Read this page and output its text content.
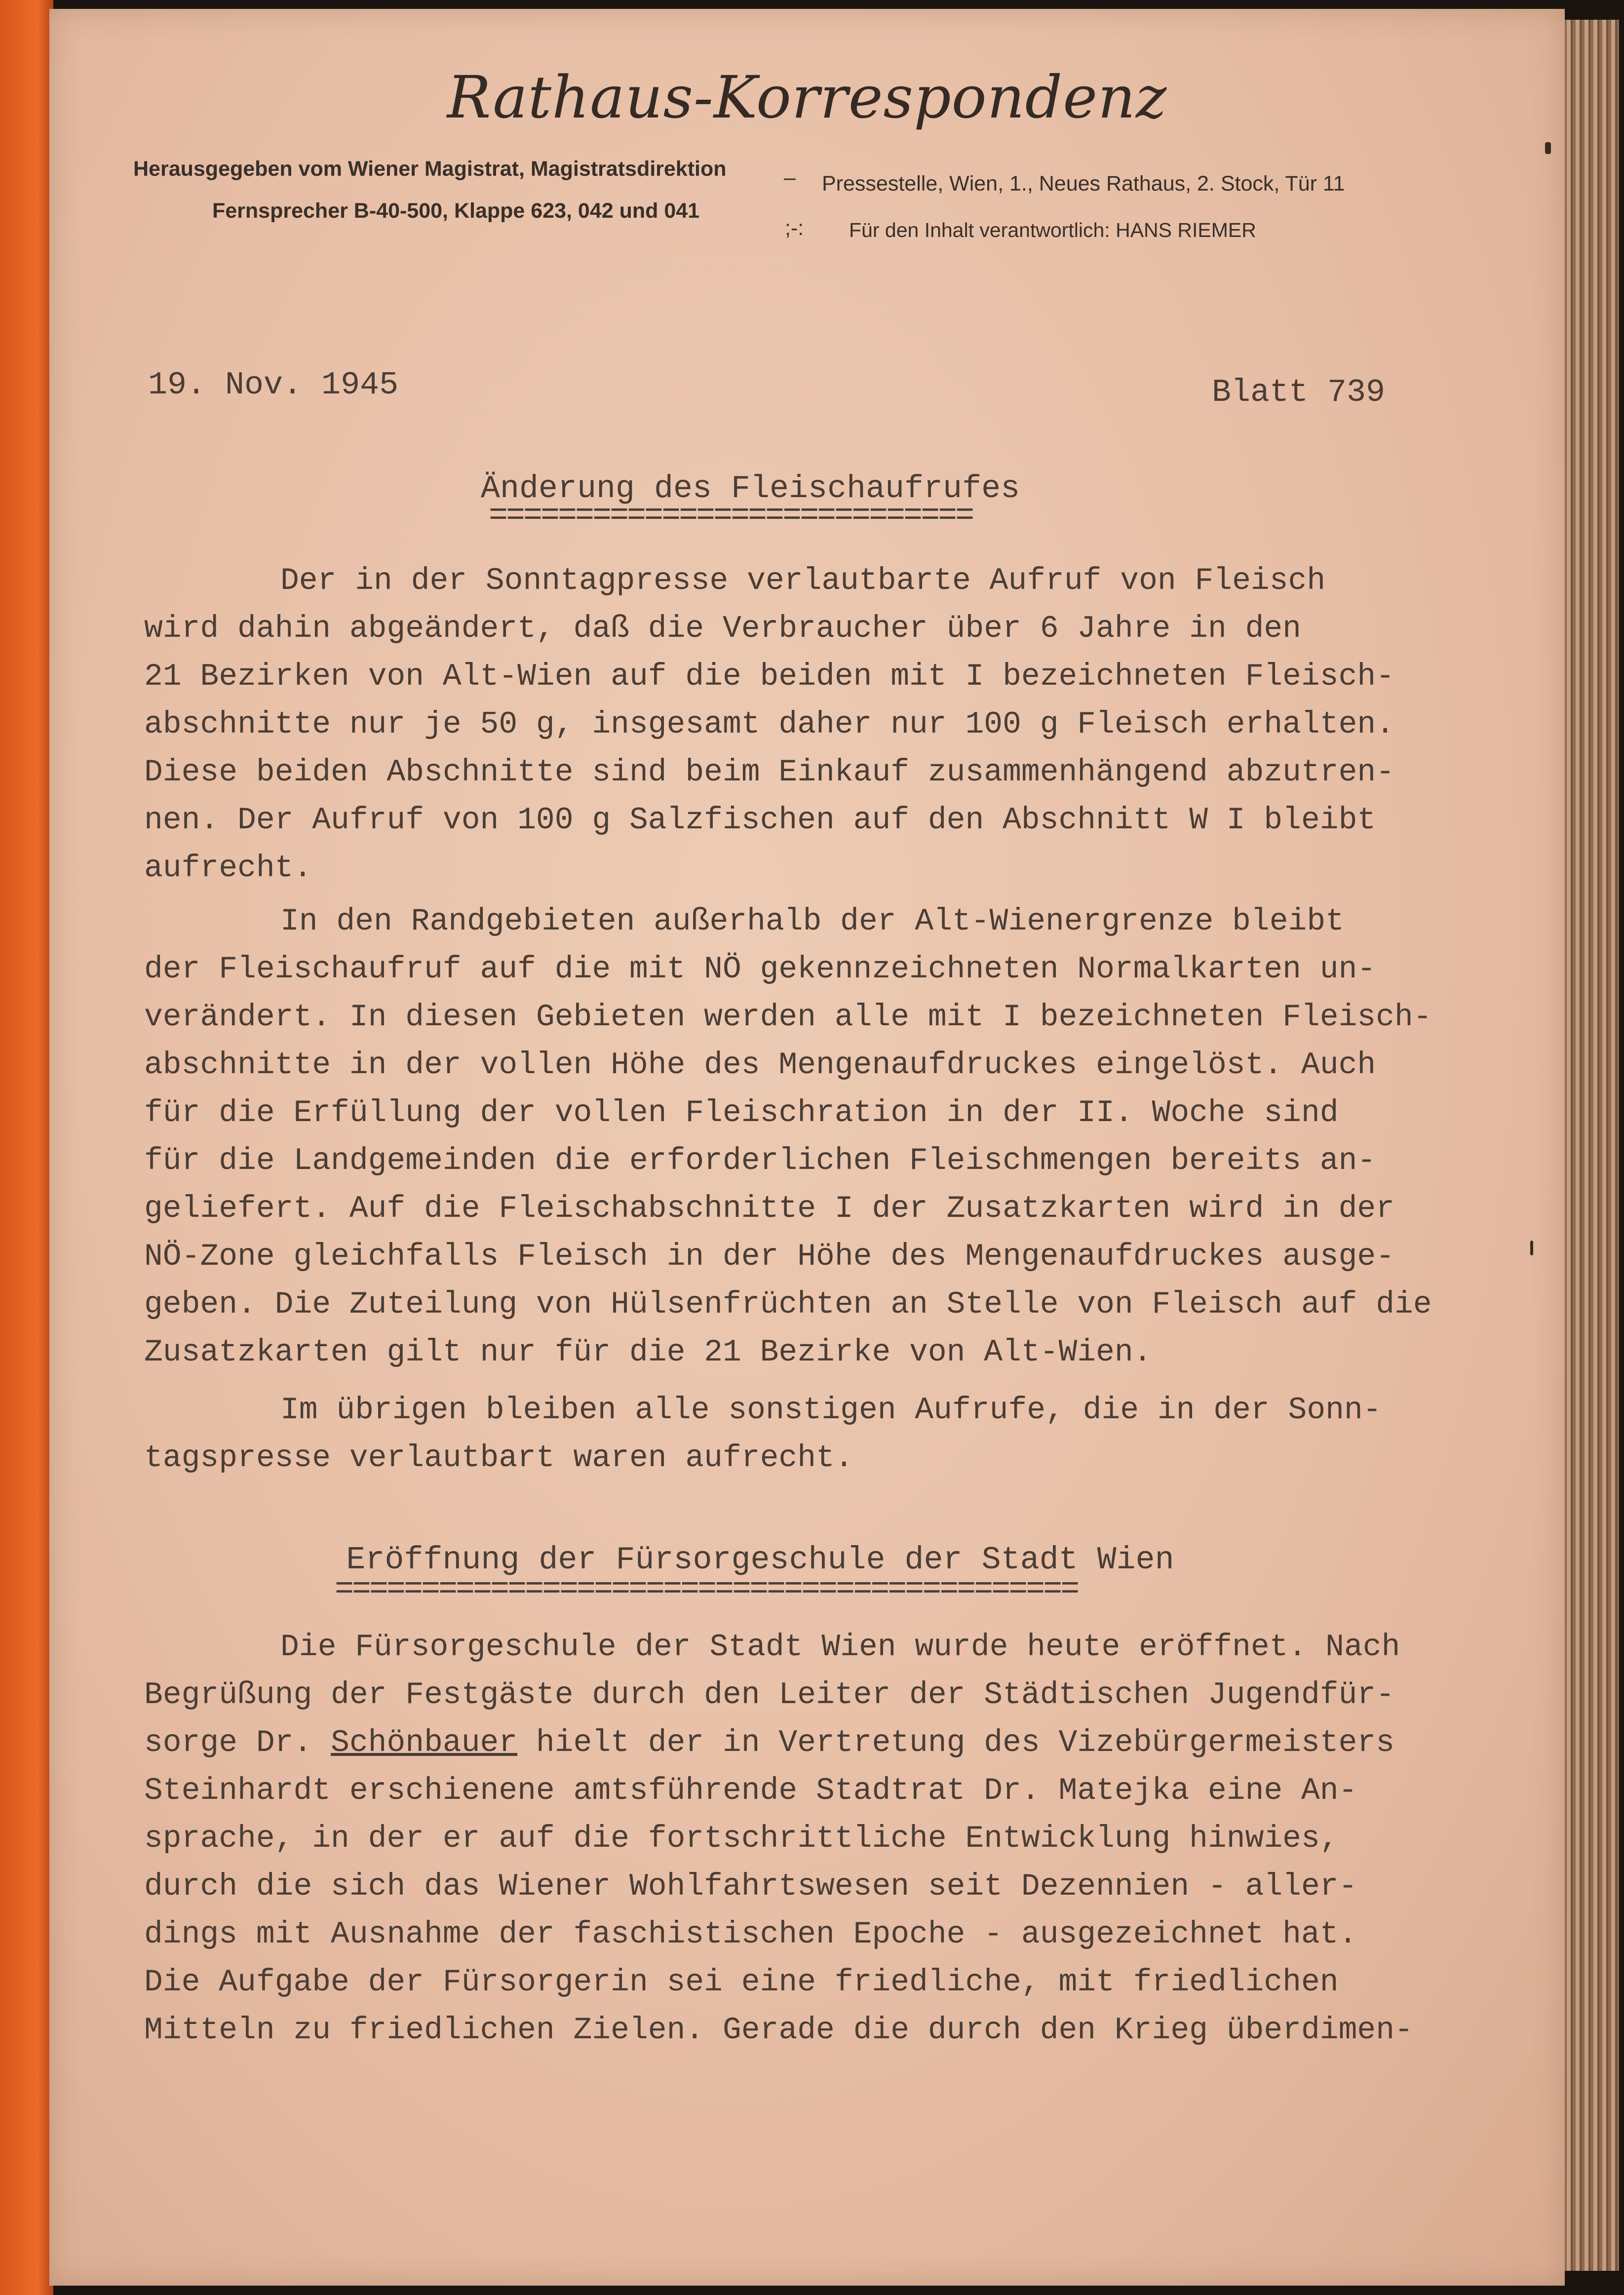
Rathaus-Korrespondenz
Herausgegeben vom Wiener Magistrat, Magistratsdirektion	– Pressestelle, Wien, 1., Neues Rathaus, 2. Stock, Tür 11
Fernsprecher B-40-500, Klappe 623, 042 und 041
;-: Für den Inhalt verantwortlich: HANS RIEMER
19. Nov. 1945	Blatt 739
Änderung des Fleischaufrufes
============================
Der in der Sonntagpresse verlautbarte Aufruf von Fleisch
wird dahin abgeändert, daß die Verbraucher über 6 Jahre in den
21 Bezirken von Alt-Wien auf die beiden mit I bezeichneten Fleisch-
abschnitte nur je 50 g, insgesamt daher nur 100 g Fleisch erhalten.
Diese beiden Abschnitte sind beim Einkauf zusammenhängend abzutren-
nen. Der Aufruf von 100 g Salzfischen auf den Abschnitt W I bleibt
aufrecht.
In den Randgebieten außerhalb der Alt-Wienergrenze bleibt
der Fleischaufruf auf die mit NÖ gekennzeichneten Normalkarten un-
verändert. In diesen Gebieten werden alle mit I bezeichneten Fleisch-
abschnitte in der vollen Höhe des Mengenaufdruckes eingelöst. Auch
für die Erfüllung der vollen Fleischration in der II. Woche sind
für die Landgemeinden die erforderlichen Fleischmengen bereits an-
geliefert. Auf die Fleischabschnitte I der Zusatzkarten wird in der
NÖ-Zone gleichfalls Fleisch in der Höhe des Mengenaufdruckes ausge-
geben. Die Zuteilung von Hülsenfrüchten an Stelle von Fleisch auf die
Zusatzkarten gilt nur für die 21 Bezirke von Alt-Wien.
Im übrigen bleiben alle sonstigen Aufrufe, die in der Sonn-
tagspresse verlautbart waren aufrecht.
Eröffnung der Fürsorgeschule der Stadt Wien
===========================================
Die Fürsorgeschule der Stadt Wien wurde heute eröffnet. Nach
Begrüßung der Festgäste durch den Leiter der Städtischen Jugendfür-
sorge Dr. Schönbauer hielt der in Vertretung des Vizebürgermeisters
Steinhardt erschienene amtsführende Stadtrat Dr. Matejka eine An-
sprache, in der er auf die fortschrittliche Entwicklung hinwies,
durch die sich das Wiener Wohlfahrtswesen seit Dezennien - aller-
dings mit Ausnahme der faschistischen Epoche - ausgezeichnet hat.
Die Aufgabe der Fürsorgerin sei eine friedliche, mit friedlichen
Mitteln zu friedlichen Zielen. Gerade die durch den Krieg überdimen-
